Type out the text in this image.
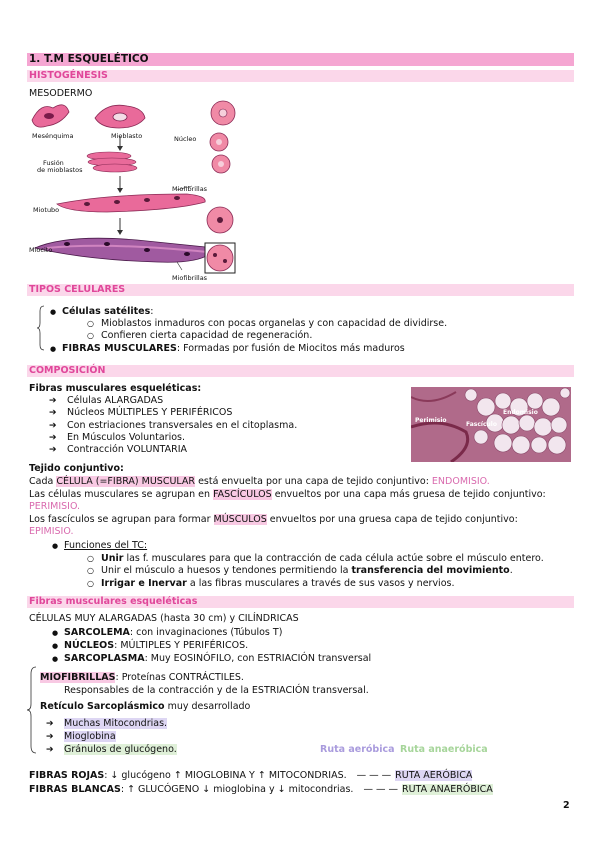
1. T.M ESQUELÉTICO
HISTOGÉNESIS
MESODERMO
Mesénquima	Mioblasto	Núcleo
Fusión
de mioblastos
Miofibrillas
Miotubo
Miocito
Miofibrillas
TIPOS CELULARES
● Células satélites:
○ Mioblastos inmaduros con pocas organelas y con capacidad de dividirse.
○ Confieren cierta capacidad de regeneración.
● FIBRAS MUSCULARES: Formadas por fusión de Miocitos más maduros
COMPOSICIÓN
Fibras musculares esqueléticas:
➔ Células ALARGADAS
➔ Núcleos MÚLTIPLES Y PERIFÉRICOS
➔ Con estriaciones transversales en el citoplasma.
➔ En Músculos Voluntarios.
➔ Contracción VOLUNTARIA
Endomisio
Perimisio
Fascículo
Tejido conjuntivo:
Cada CÉLULA (=FIBRA) MUSCULAR está envuelta por una capa de tejido conjuntivo: ENDOMISIO.
Las células musculares se agrupan en FASCÍCULOS envueltos por una capa más gruesa de tejido conjuntivo:
PERIMISIO.
Los fascículos se agrupan para formar MÚSCULOS envueltos por una gruesa capa de tejido conjuntivo:
EPIMISIO.
● Funciones del TC:
○ Unir las f. musculares para que la contracción de cada célula actúe sobre el músculo entero.
○ Unir el músculo a huesos y tendones permitiendo la transferencia del movimiento.
○ Irrigar e Inervar a las fibras musculares a través de sus vasos y nervios.
Fibras musculares esqueléticas
CÉLULAS MUY ALARGADAS (hasta 30 cm) y CILÍNDRICAS
● SARCOLEMA: con invaginaciones (Túbulos T)
● NÚCLEOS: MÚLTIPLES Y PERIFÉRICOS.
● SARCOPLASMA: Muy EOSINÓFILO, con ESTRIACIÓN transversal
MIOFIBRILLAS: Proteínas CONTRÁCTILES.
Responsables de la contracción y de la ESTRIACIÓN transversal.
Retículo Sarcoplásmico muy desarrollado
➔ Muchas Mitocondrias.
➔ Mioglobina
➔ Gránulos de glucógeno.	Ruta aeróbica Ruta anaeróbica
FIBRAS ROJAS: ↓ glucógeno ↑ MIOGLOBINA Y ↑ MITOCONDRIAS. — — — RUTA AERÓBICA
FIBRAS BLANCAS: ↑ GLUCÓGENO ↓ mioglobina y ↓ mitocondrias. — — — RUTA ANAERÓBICA
2
